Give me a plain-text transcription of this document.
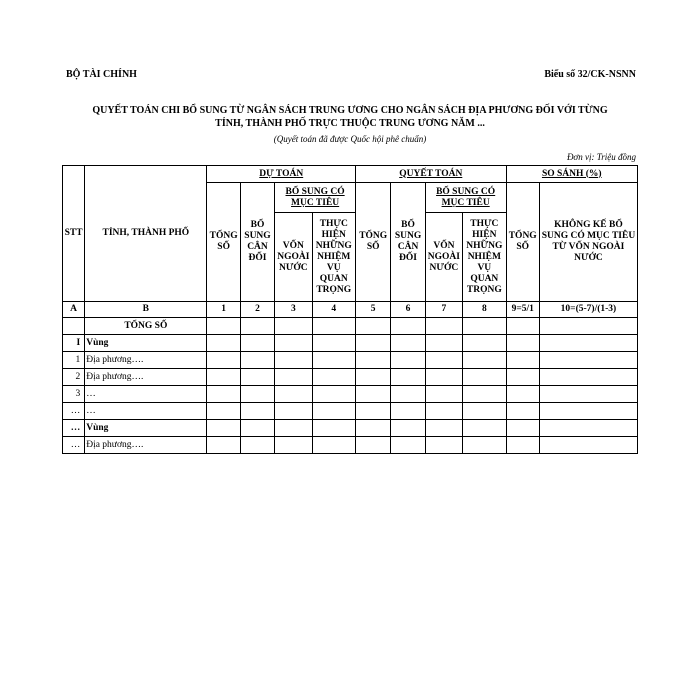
BỘ TÀI CHÍNH	Biểu số 32/CK-NSNN
QUYẾT TOÁN CHI BỔ SUNG TỪ NGÂN SÁCH TRUNG ƯƠNG CHO NGÂN SÁCH ĐỊA PHƯƠNG ĐỐI VỚI TỪNG
TỈNH, THÀNH PHỐ TRỰC THUỘC TRUNG ƯƠNG NĂM ...
(Quyết toán đã được Quốc hội phê chuẩn)
Đơn vị: Triệu đồng
STT	TỈNH, THÀNH PHỐ	DỰ TOÁN				QUYẾT TOÁN				SO SÁNH (%)	
		TỔNG SỐ	BỔ SUNG CÂN ĐỐI	BỔ SUNG CÓ MỤC TIÊU		TỔNG SỐ	BỔ SUNG CÂN ĐỐI	BỔ SUNG CÓ MỤC TIÊU		TỔNG SỐ	KHÔNG KẾ BỔ SUNG CÓ MỤC TIÊU TỪ VỐN NGOÀI NƯỚC
				VỐN NGOÀI NƯỚC	THỰC HIỆN NHỮNG NHIỆM VỤ QUAN TRỌNG			VỐN NGOÀI NƯỚC	THỰC HIỆN NHỮNG NHIỆM VỤ QUAN TRỌNG		

A	B	1	2	3	4	5	6	7	8	9=5/1	10=(5-7)/(1-3)
	TỔNG SỐ										
I	Vùng										
1	Địa phương….										
2	Địa phương….										
3	…										
…	…										
…	Vùng										
…	Địa phương….										
